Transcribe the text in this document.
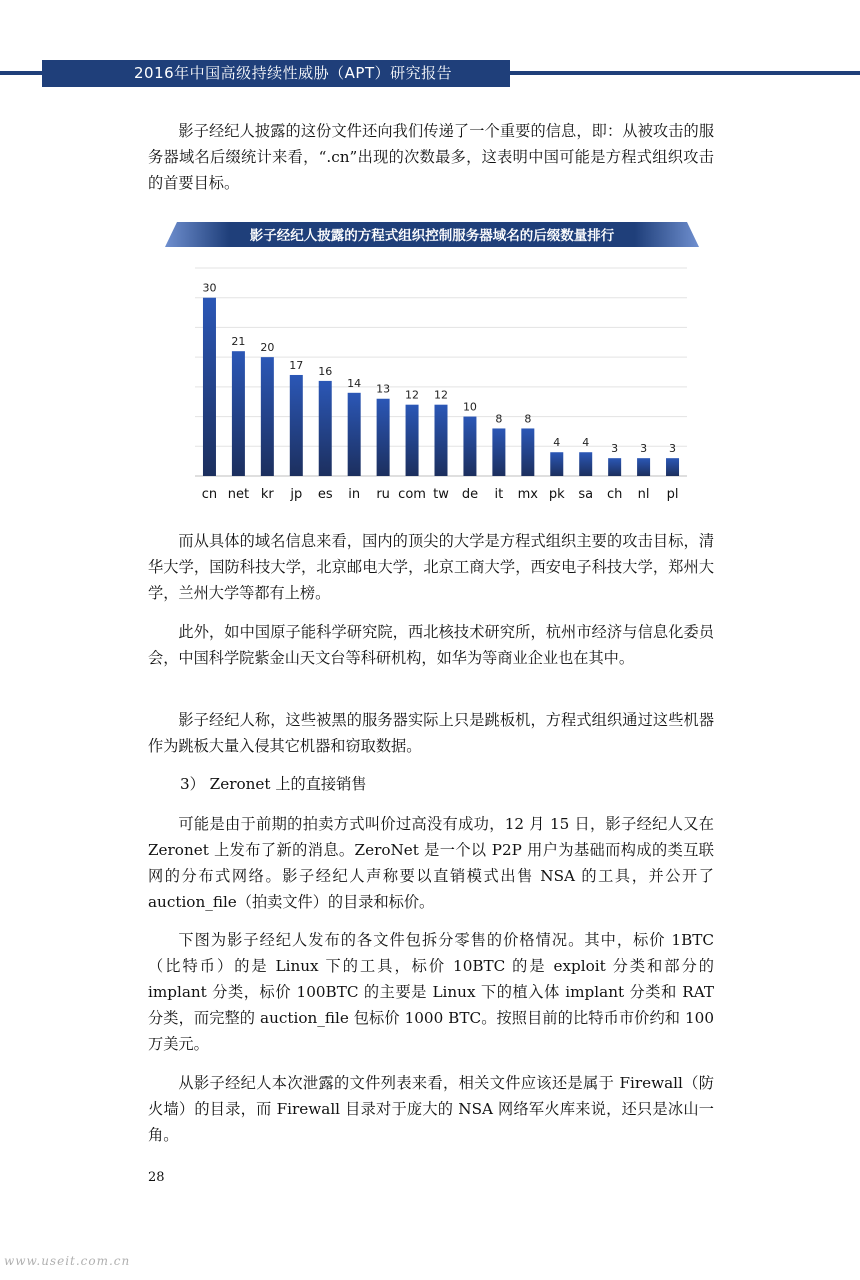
2016年中国高级持续性威胁（APT）研究报告

影子经纪人披露的这份文件还向我们传递了一个重要的信息，即：从被攻击的服务器域名后缀统计来看，“.cn”出现的次数最多，这表明中国可能是方程式组织攻击的首要目标。

影子经纪人披露的方程式组织控制服务器域名的后缀数量排行
30
21 20
17 16
14 13 12 12
10
8 8
4 4 3 3 3
cn net kr jp es in ru com tw de it mx pk sa ch nl pl

而从具体的域名信息来看，国内的顶尖的大学是方程式组织主要的攻击目标，清华大学，国防科技大学，北京邮电大学，北京工商大学，西安电子科技大学，郑州大学，兰州大学等都有上榜。

此外，如中国原子能科学研究院，西北核技术研究所，杭州市经济与信息化委员会，中国科学院紫金山天文台等科研机构，如华为等商业企业也在其中。

影子经纪人称，这些被黑的服务器实际上只是跳板机，方程式组织通过这些机器作为跳板大量入侵其它机器和窃取数据。

3） Zeronet 上的直接销售

可能是由于前期的拍卖方式叫价过高没有成功，12 月 15 日，影子经纪人又在 Zeronet 上发布了新的消息。ZeroNet 是一个以 P2P 用户为基础而构成的类互联网的分布式网络。影子经纪人声称要以直销模式出售 NSA 的工具，并公开了 auction_file（拍卖文件）的目录和标价。

下图为影子经纪人发布的各文件包拆分零售的价格情况。其中，标价 1BTC （比特币）的是 Linux 下的工具，标价 10BTC 的是 exploit 分类和部分的 implant 分类，标价 100BTC 的主要是 Linux 下的植入体 implant 分类和 RAT 分类，而完整的 auction_file 包标价 1000 BTC。按照目前的比特币市价约和 100 万美元。

从影子经纪人本次泄露的文件列表来看，相关文件应该还是属于 Firewall（防火墙）的目录，而 Firewall 目录对于庞大的 NSA 网络军火库来说，还只是冰山一角。

28
www.useit.com.cn
